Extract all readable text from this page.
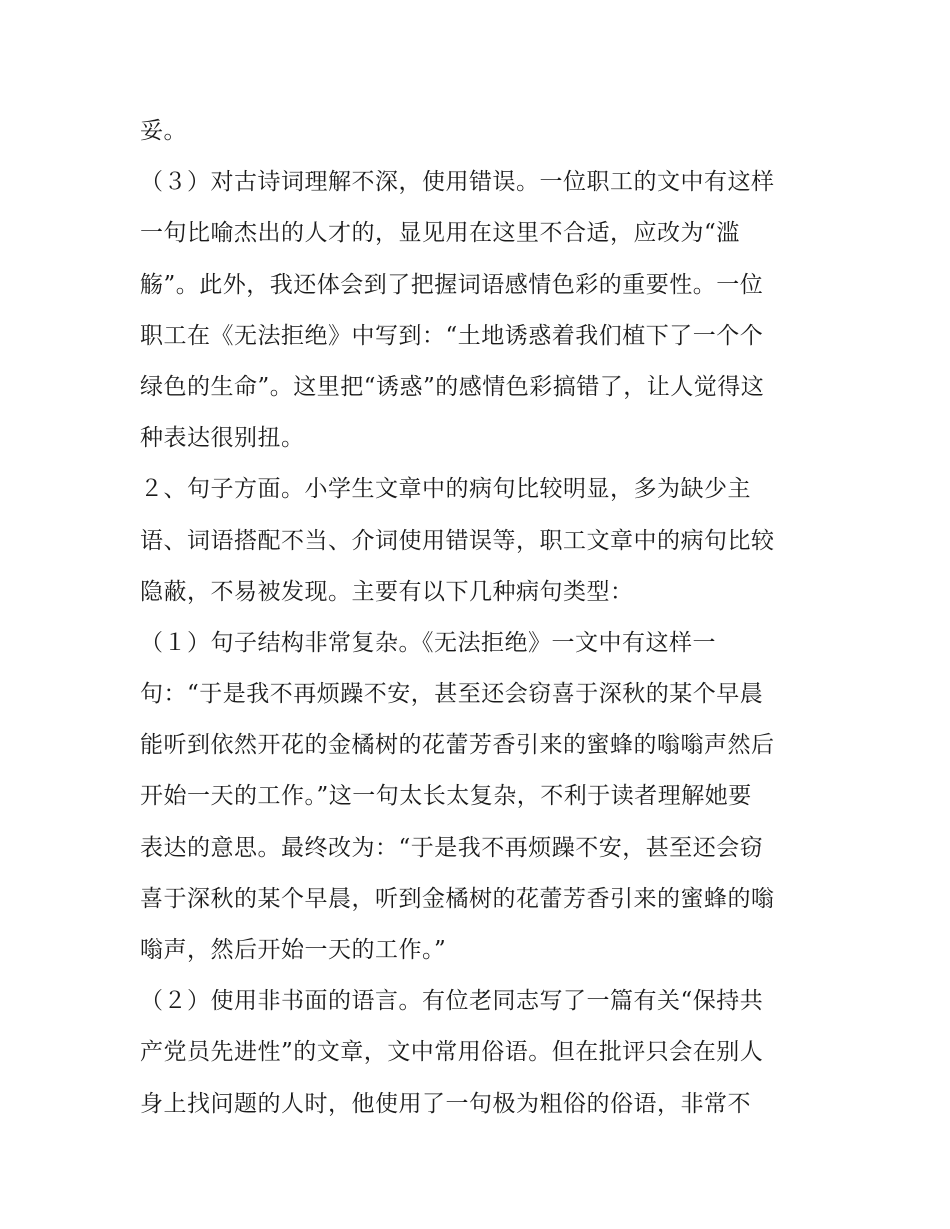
妥。
（３）对古诗词理解不深，使用错误。一位职工的文中有这样
一句比喻杰出的人才的，显见用在这里不合适，应改为“滥
觞”。此外，我还体会到了把握词语感情色彩的重要性。一位
职工在《无法拒绝》中写到：“土地诱惑着我们植下了一个个
绿色的生命”。这里把“诱惑”的感情色彩搞错了，让人觉得这
种表达很别扭。
２、句子方面。小学生文章中的病句比较明显，多为缺少主
语、词语搭配不当、介词使用错误等，职工文章中的病句比较
隐蔽，不易被发现。主要有以下几种病句类型：
（１）句子结构非常复杂。《无法拒绝》一文中有这样一
句：“于是我不再烦躁不安，甚至还会窃喜于深秋的某个早晨
能听到依然开花的金橘树的花蕾芳香引来的蜜蜂的嗡嗡声然后
开始一天的工作。”这一句太长太复杂，不利于读者理解她要
表达的意思。最终改为：“于是我不再烦躁不安，甚至还会窃
喜于深秋的某个早晨，听到金橘树的花蕾芳香引来的蜜蜂的嗡
嗡声，然后开始一天的工作。”
（２）使用非书面的语言。有位老同志写了一篇有关“保持共
产党员先进性”的文章，文中常用俗语。但在批评只会在别人
身上找问题的人时，他使用了一句极为粗俗的俗语，非常不
